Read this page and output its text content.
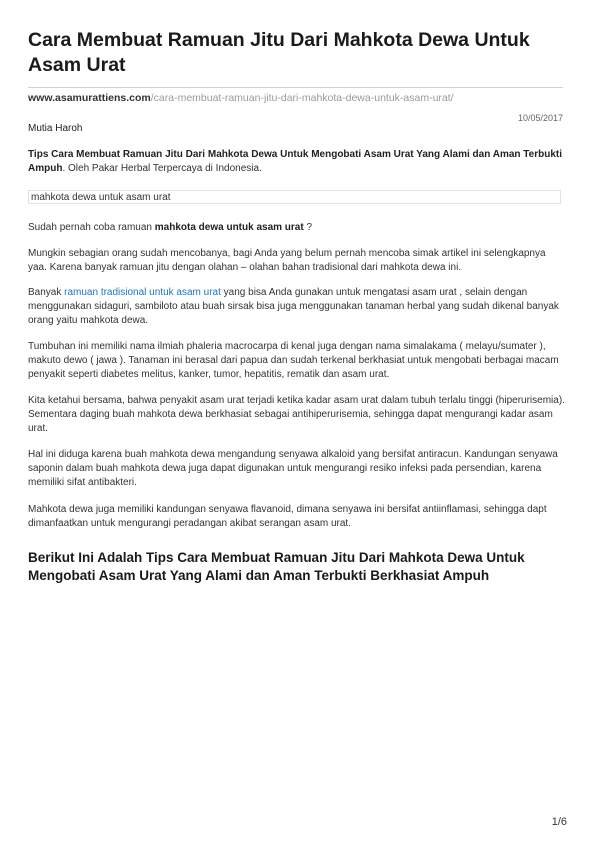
Cara Membuat Ramuan Jitu Dari Mahkota Dewa Untuk Asam Urat
www.asamurattiens.com/cara-membuat-ramuan-jitu-dari-mahkota-dewa-untuk-asam-urat/
10/05/2017
Mutia Haroh

Tips Cara Membuat Ramuan Jitu Dari Mahkota Dewa Untuk Mengobati Asam Urat Yang Alami dan Aman Terbukti Ampuh. Oleh Pakar Herbal Terpercaya di Indonesia.

mahkota dewa untuk asam urat

Sudah pernah coba ramuan mahkota dewa untuk asam urat ?

Mungkin sebagian orang sudah mencobanya, bagi Anda yang belum pernah mencoba simak artikel ini selengkapnya yaa. Karena banyak ramuan jitu dengan olahan – olahan bahan tradisional dari mahkota dewa ini.

Banyak ramuan tradisional untuk asam urat yang bisa Anda gunakan untuk mengatasi asam urat , selain dengan menggunakan sidaguri, sambiloto atau buah sirsak bisa juga menggunakan tanaman herbal yang sudah dikenal banyak orang yaitu mahkota dewa.

Tumbuhan ini memiliki nama ilmiah phaleria macrocarpa di kenal juga dengan nama simalakama ( melayu/sumater ), makuto dewo ( jawa ). Tanaman ini berasal dari papua dan sudah terkenal berkhasiat untuk mengobati berbagai macam penyakit seperti diabetes melitus, kanker, tumor, hepatitis, rematik dan asam urat.

Kita ketahui bersama, bahwa penyakit asam urat terjadi ketika kadar asam urat dalam tubuh terlalu tinggi (hiperurisemia). Sementara daging buah mahkota dewa berkhasiat sebagai antihiperurisemia, sehingga dapat mengurangi kadar asam urat.

Hal ini diduga karena buah mahkota dewa mengandung senyawa alkaloid yang bersifat antiracun. Kandungan senyawa saponin dalam buah mahkota dewa juga dapat digunakan untuk mengurangi resiko infeksi pada persendian, karena memiliki sifat antibakteri.

Mahkota dewa juga memiliki kandungan senyawa flavanoid, dimana senyawa ini bersifat antiinflamasi, sehingga dapt dimanfaatkan untuk mengurangi peradangan akibat serangan asam urat.

Berikut Ini Adalah Tips Cara Membuat Ramuan Jitu Dari Mahkota Dewa Untuk Mengobati Asam Urat Yang Alami dan Aman Terbukti Berkhasiat Ampuh
1/6
